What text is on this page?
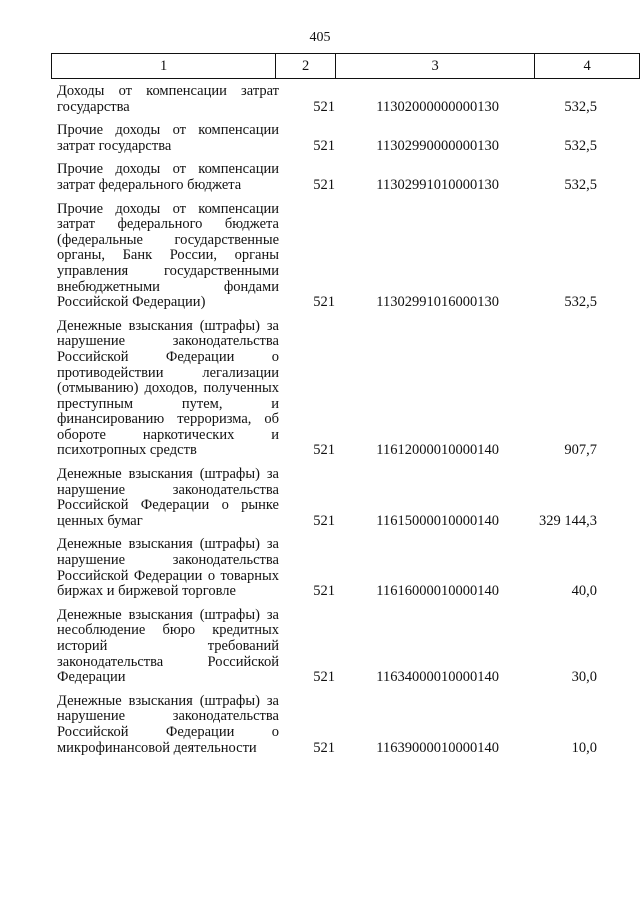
405
1	2	3	4
Доходы от компенсации затрат государства	521	11302000000000130	532,5
Прочие доходы от компенсации затрат государства	521	11302990000000130	532,5
Прочие доходы от компенсации затрат федерального бюджета	521	11302991010000130	532,5
Прочие доходы от компенсации затрат федерального бюджета (федеральные государственные органы, Банк России, органы управления государственными внебюджетными фондами Российской Федерации)	521	11302991016000130	532,5
Денежные взыскания (штрафы) за нарушение законодательства Российской Федерации о противодействии легализации (отмыванию) доходов, полученных преступным путем, и финансированию терроризма, об обороте наркотических и психотропных средств	521	11612000010000140	907,7
Денежные взыскания (штрафы) за нарушение законодательства Российской Федерации о рынке ценных бумаг	521	11615000010000140	329 144,3
Денежные взыскания (штрафы) за нарушение законодательства Российской Федерации о товарных биржах и биржевой торговле	521	11616000010000140	40,0
Денежные взыскания (штрафы) за несоблюдение бюро кредитных историй требований законодательства Российской Федерации	521	11634000010000140	30,0
Денежные взыскания (штрафы) за нарушение законодательства Российской Федерации о микрофинансовой деятельности	521	11639000010000140	10,0
